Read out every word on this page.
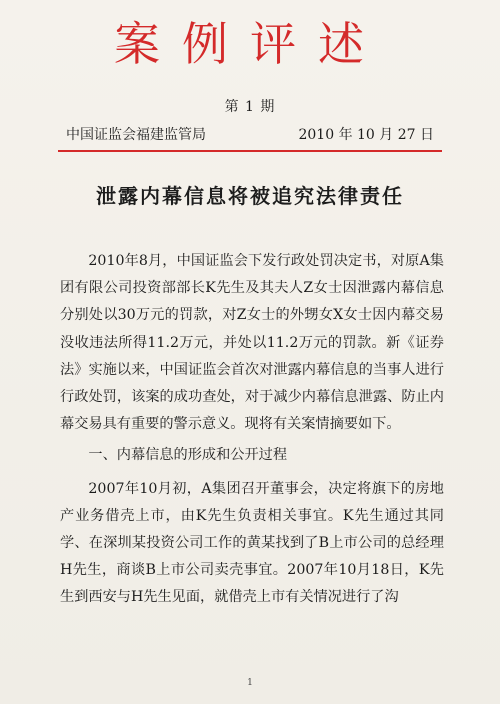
案例评述
第 1 期
中国证监会福建监管局	2010 年 10 月 27 日
泄露内幕信息将被追究法律责任

2010年8月，中国证监会下发行政处罚决定书，对原A集团有限公司投资部部长K先生及其夫人Z女士因泄露内幕信息分别处以30万元的罚款，对Z女士的外甥女X女士因内幕交易没收违法所得11.2万元，并处以11.2万元的罚款。新《证券法》实施以来，中国证监会首次对泄露内幕信息的当事人进行行政处罚，该案的成功查处，对于减少内幕信息泄露、防止内幕交易具有重要的警示意义。现将有关案情摘要如下。

一、内幕信息的形成和公开过程

2007年10月初，A集团召开董事会，决定将旗下的房地产业务借壳上市，由K先生负责相关事宜。K先生通过其同学、在深圳某投资公司工作的黄某找到了B上市公司的总经理H先生，商谈B上市公司卖壳事宜。2007年10月18日，K先生到西安与H先生见面，就借壳上市有关情况进行了沟

1
